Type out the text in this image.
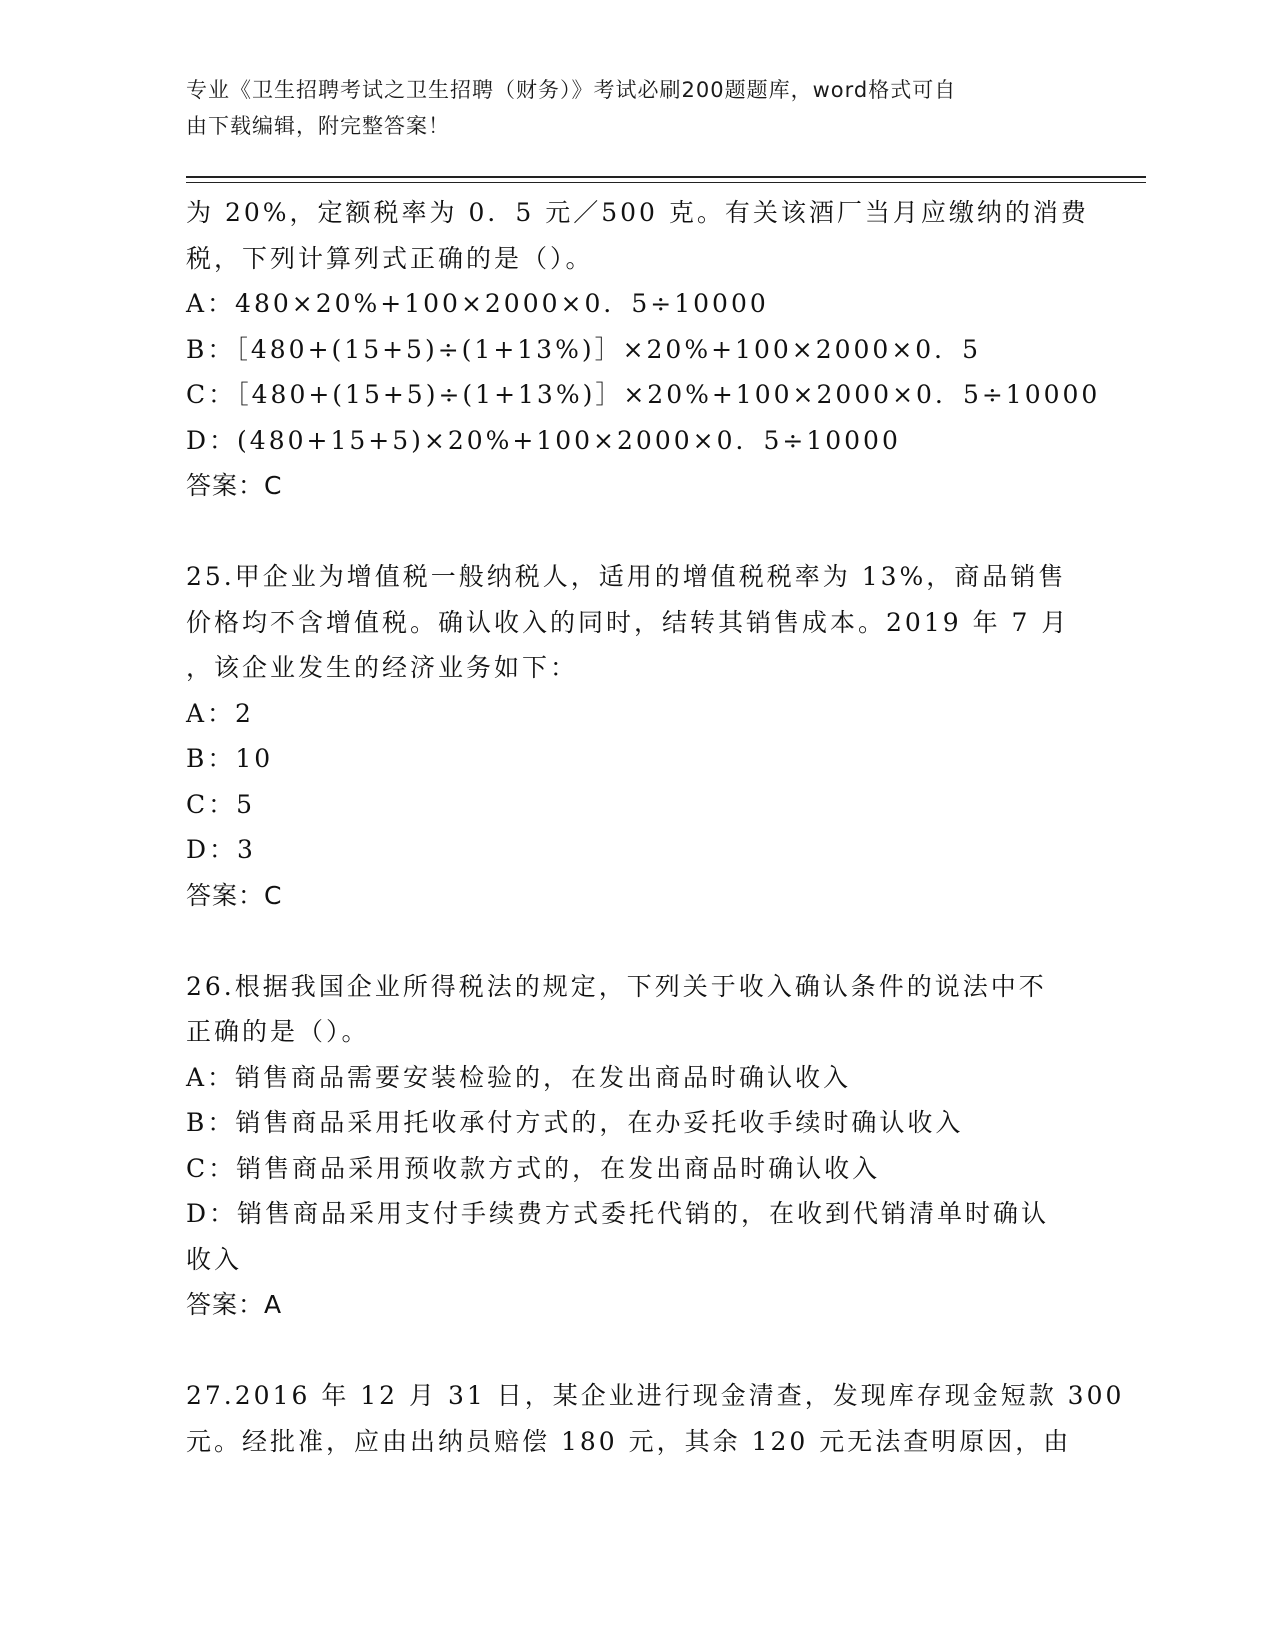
专业《卫生招聘考试之卫生招聘（财务）》考试必刷200题题库，word格式可自
由下载编辑，附完整答案！
为 20%，定额税率为 0．5 元／500 克。有关该酒厂当月应缴纳的消费
税，下列计算列式正确的是（）。
A：480×20%+100×2000×0．5÷10000
B：［480+(15+5)÷(1+13%)］×20%+100×2000×0．5
C：［480+(15+5)÷(1+13%)］×20%+100×2000×0．5÷10000
D：(480+15+5)×20%+100×2000×0．5÷10000
答案：C
25.甲企业为增值税一般纳税人，适用的增值税税率为 13%，商品销售
价格均不含增值税。确认收入的同时，结转其销售成本。2019 年 7 月
，该企业发生的经济业务如下：
A：2
B：10
C：5
D：3
答案：C
26.根据我国企业所得税法的规定，下列关于收入确认条件的说法中不
正确的是（）。
A：销售商品需要安装检验的，在发出商品时确认收入
B：销售商品采用托收承付方式的，在办妥托收手续时确认收入
C：销售商品采用预收款方式的，在发出商品时确认收入
D：销售商品采用支付手续费方式委托代销的，在收到代销清单时确认
收入
答案：A
27.2016 年 12 月 31 日，某企业进行现金清查，发现库存现金短款 300
元。经批准，应由出纳员赔偿 180 元，其余 120 元无法查明原因，由
